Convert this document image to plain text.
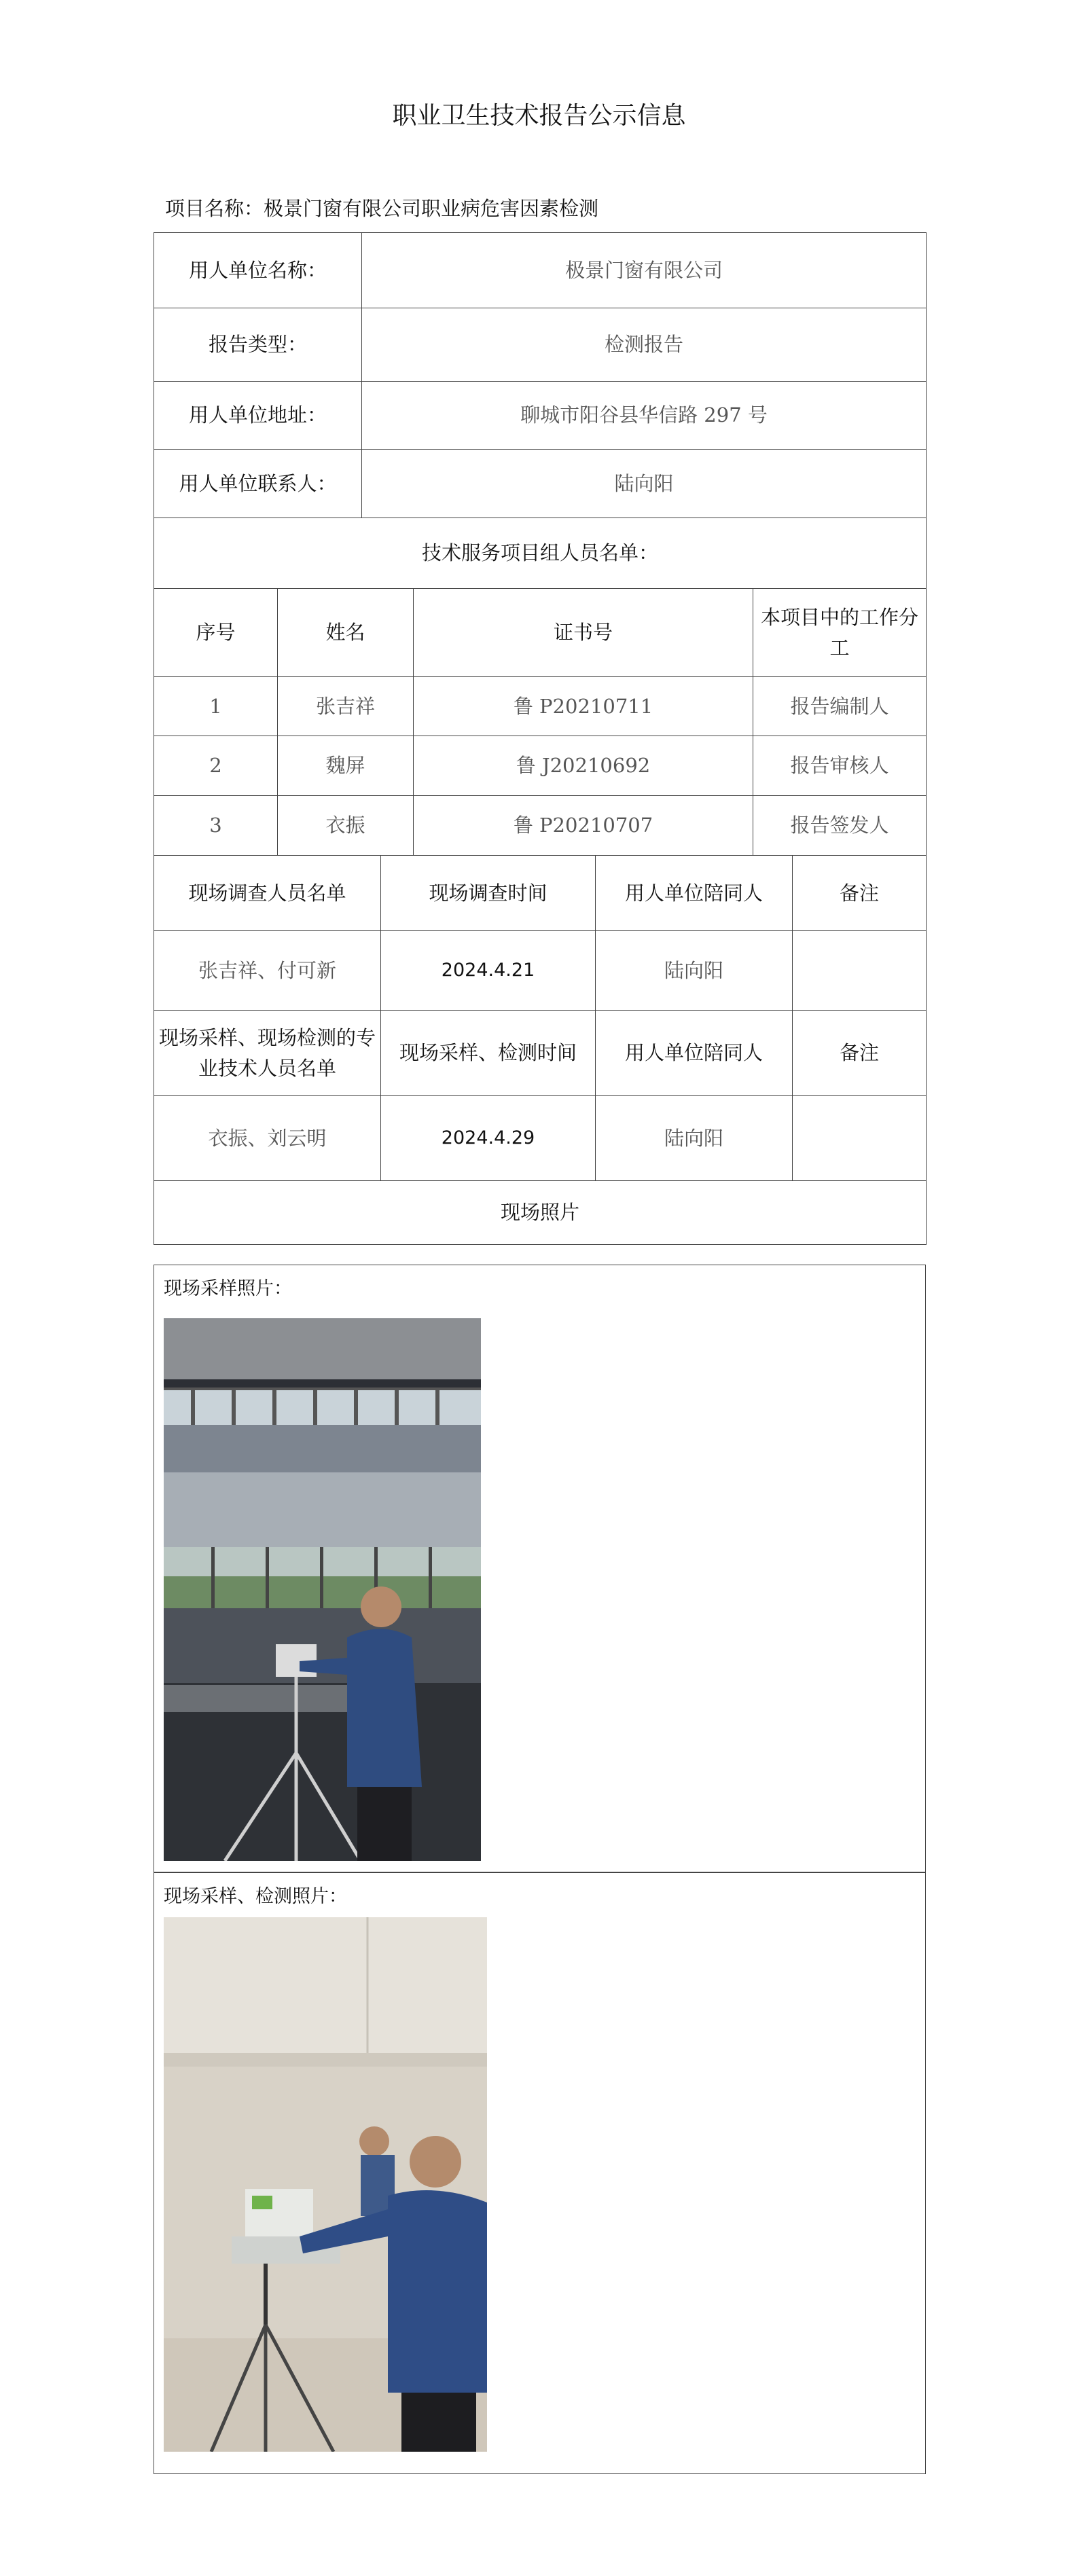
职业卫生技术报告公示信息
项目名称：极景门窗有限公司职业病危害因素检测
用人单位名称：	极景门窗有限公司
报告类型：	检测报告
用人单位地址：	聊城市阳谷县华信路 297 号
用人单位联系人：	陆向阳
技术服务项目组人员名单：	
序号	姓名	证书号	本项目中的工作分工
1	张吉祥	鲁 P20210711	报告编制人
2	魏屏	鲁 J20210692	报告审核人
3	衣振	鲁 P20210707	报告签发人
现场调查人员名单	现场调查时间	用人单位陪同人	备注
张吉祥、付可新	2024.4.21	陆向阳	
现场采样、现场检测的专业技术人员名单	现场采样、检测时间	用人单位陪同人	备注
衣振、刘云明	2024.4.29	陆向阳	
现场照片			
现场采样照片：
现场采样、检测照片：
